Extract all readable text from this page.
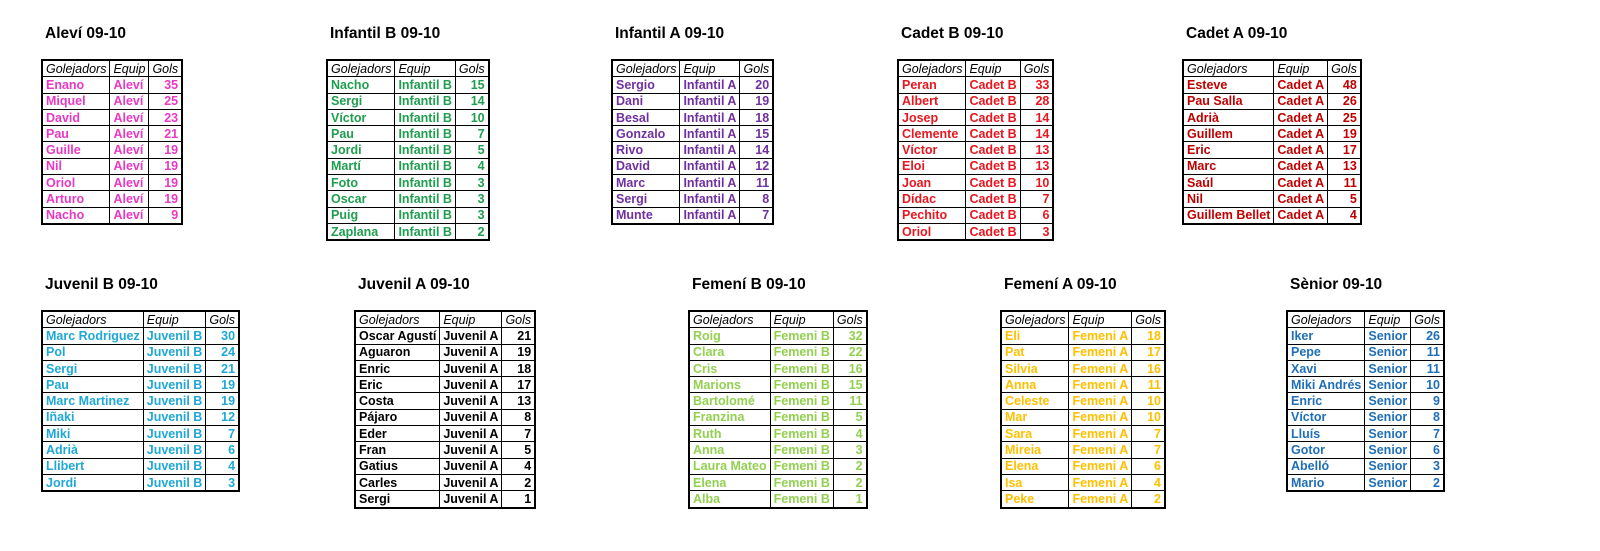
Aleví 09-10
Golejadors	Equip	Gols
Enano	Aleví	35
Miquel	Aleví	25
David	Aleví	23
Pau	Aleví	21
Guille	Aleví	19
Nil	Aleví	19
Oriol	Aleví	19
Arturo	Aleví	19
Nacho	Aleví	9
Infantil B 09-10
Golejadors	Equip	Gols
Nacho	Infantil B	15
Sergi	Infantil B	14
Víctor	Infantil B	10
Pau	Infantil B	7
Jordi	Infantil B	5
Martí	Infantil B	4
Foto	Infantil B	3
Oscar	Infantil B	3
Puig	Infantil B	3
Zaplana	Infantil B	2
Infantil A 09-10
Golejadors	Equip	Gols
Sergio	Infantil A	20
Dani	Infantil A	19
Besal	Infantil A	18
Gonzalo	Infantil A	15
Rivo	Infantil A	14
David	Infantil A	12
Marc	Infantil A	11
Sergi	Infantil A	8
Munte	Infantil A	7
Cadet B 09-10
Golejadors	Equip	Gols
Peran	Cadet B	33
Albert	Cadet B	28
Josep	Cadet B	14
Clemente	Cadet B	14
Víctor	Cadet B	13
Eloi	Cadet B	13
Joan	Cadet B	10
Dídac	Cadet B	7
Pechito	Cadet B	6
Oriol	Cadet B	3
Cadet A 09-10
Golejadors	Equip	Gols
Esteve	Cadet A	48
Pau Salla	Cadet A	26
Adrià	Cadet A	25
Guillem	Cadet A	19
Eric	Cadet A	17
Marc	Cadet A	13
Saúl	Cadet A	11
Nil	Cadet A	5
Guillem Bellet	Cadet A	4
Juvenil B 09-10
Golejadors	Equip	Gols
Marc Rodriguez	Juvenil B	30
Pol	Juvenil B	24
Sergi	Juvenil B	21
Pau	Juvenil B	19
Marc Martinez	Juvenil B	19
Iñaki	Juvenil B	12
Miki	Juvenil B	7
Adrià	Juvenil B	6
Llibert	Juvenil B	4
Jordi	Juvenil B	3
Juvenil A 09-10
Golejadors	Equip	Gols
Oscar Agustí	Juvenil A	21
Aguaron	Juvenil A	19
Enric	Juvenil A	18
Eric	Juvenil A	17
Costa	Juvenil A	13
Pájaro	Juvenil A	8
Eder	Juvenil A	7
Fran	Juvenil A	5
Gatius	Juvenil A	4
Carles	Juvenil A	2
Sergi	Juvenil A	1
Femení B 09-10
Golejadors	Equip	Gols
Roig	Femeni B	32
Clara	Femeni B	22
Cris	Femeni B	16
Marions	Femeni B	15
Bartolomé	Femeni B	11
Franzina	Femeni B	5
Ruth	Femeni B	4
Anna	Femeni B	3
Laura Mateo	Femeni B	2
Elena	Femeni B	2
Alba	Femeni B	1
Femení A 09-10
Golejadors	Equip	Gols
Eli	Femeni A	18
Pat	Femeni A	17
Silvia	Femeni A	16
Anna	Femeni A	11
Celeste	Femeni A	10
Mar	Femeni A	10
Sara	Femeni A	7
Mireia	Femeni A	7
Elena	Femeni A	6
Isa	Femeni A	4
Peke	Femeni A	2
Sènior 09-10
Golejadors	Equip	Gols
Iker	Senior	26
Pepe	Senior	11
Xavi	Senior	11
Miki Andrés	Senior	10
Enric	Senior	9
Víctor	Senior	8
Lluís	Senior	7
Gotor	Senior	6
Abelló	Senior	3
Mario	Senior	2
